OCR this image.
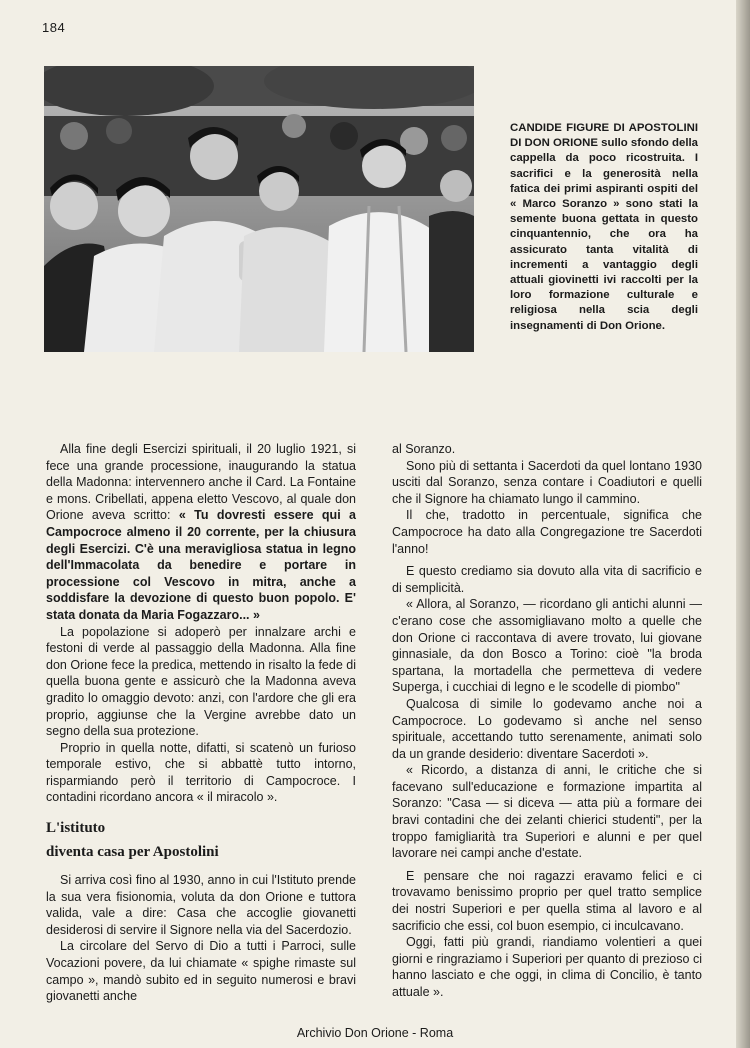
184
CANDIDE FIGURE DI APOSTOLINI DI DON ORIONE sullo sfondo della cappella da poco ricostruita. I sacrifici e la generosità nella fatica dei primi aspiranti ospiti del « Marco Soranzo » sono stati la semente buona gettata in questo cinquantennio, che ora ha assicurato tanta vitalità di incrementi a vantaggio degli attuali giovinetti ivi raccolti per la loro formazione culturale e religiosa nella scia degli insegnamenti di Don Orione.

Alla fine degli Esercizi spirituali, il 20 luglio 1921, si fece una grande processione, inaugurando la statua della Madonna: intervennero anche il Card. La Fontaine e mons. Cribellati, appena eletto Vescovo, al quale don Orione aveva scritto: « Tu dovresti essere qui a Campocroce almeno il 20 corrente, per la chiusura degli Esercizi. C'è una meravigliosa statua in legno dell'Immacolata da benedire e portare in processione col Vescovo in mitra, anche a soddisfare la devozione di questo buon popolo. E' stata donata da Maria Fogazzaro... »

La popolazione si adoperò per innalzare archi e festoni di verde al passaggio della Madonna. Alla fine don Orione fece la predica, mettendo in risalto la fede di quella buona gente e assicurò che la Madonna aveva gradito lo omaggio devoto: anzi, con l'ardore che gli era proprio, aggiunse che la Vergine avrebbe dato un segno della sua protezione.

Proprio in quella notte, difatti, si scatenò un furioso temporale estivo, che si abbattè tutto intorno, risparmiando però il territorio di Campocroce. I contadini ricordano ancora « il miracolo ».

L'istituto
diventa casa per Apostolini

Si arriva così fino al 1930, anno in cui l'Istituto prende la sua vera fisionomia, voluta da don Orione e tuttora valida, vale a dire: Casa che accoglie giovanetti desiderosi di servire il Signore nella via del Sacerdozio.

La circolare del Servo di Dio a tutti i Parroci, sulle Vocazioni povere, da lui chiamate « spighe rimaste sul campo », mandò subito ed in seguito numerosi e bravi giovanetti anche

al Soranzo.

Sono più di settanta i Sacerdoti da quel lontano 1930 usciti dal Soranzo, senza contare i Coadiutori e quelli che il Signore ha chiamato lungo il cammino.

Il che, tradotto in percentuale, significa che Campocroce ha dato alla Congregazione tre Sacerdoti l'anno!

E questo crediamo sia dovuto alla vita di sacrificio e di semplicità.

« Allora, al Soranzo, — ricordano gli antichi alunni — c'erano cose che assomigliavano molto a quelle che don Orione ci raccontava di avere trovato, lui giovane ginnasiale, da don Bosco a Torino: cioè "la broda spartana, la mortadella che permetteva di vedere Superga, i cucchiai di legno e le scodelle di piombo"

Qualcosa di simile lo godevamo anche noi a Campocroce. Lo godevamo sì anche nel senso spirituale, accettando tutto serenamente, animati solo da un grande desiderio: diventare Sacerdoti ».

« Ricordo, a distanza di anni, le critiche che si facevano sull'educazione e formazione impartita al Soranzo: "Casa — si diceva — atta più a formare dei bravi contadini che dei zelanti chierici studenti", per la troppo famigliarità tra Superiori e alunni e per quel lavorare nei campi anche d'estate.

E pensare che noi ragazzi eravamo felici e ci trovavamo benissimo proprio per quel tratto semplice dei nostri Superiori e per quella stima al lavoro e al sacrificio che essi, col buon esempio, ci inculcavano.

Oggi, fatti più grandi, riandiamo volentieri a quei giorni e ringraziamo i Superiori per quanto di prezioso ci hanno lasciato e che oggi, in clima di Concilio, è tanto attuale ».

Archivio Don Orione - Roma
